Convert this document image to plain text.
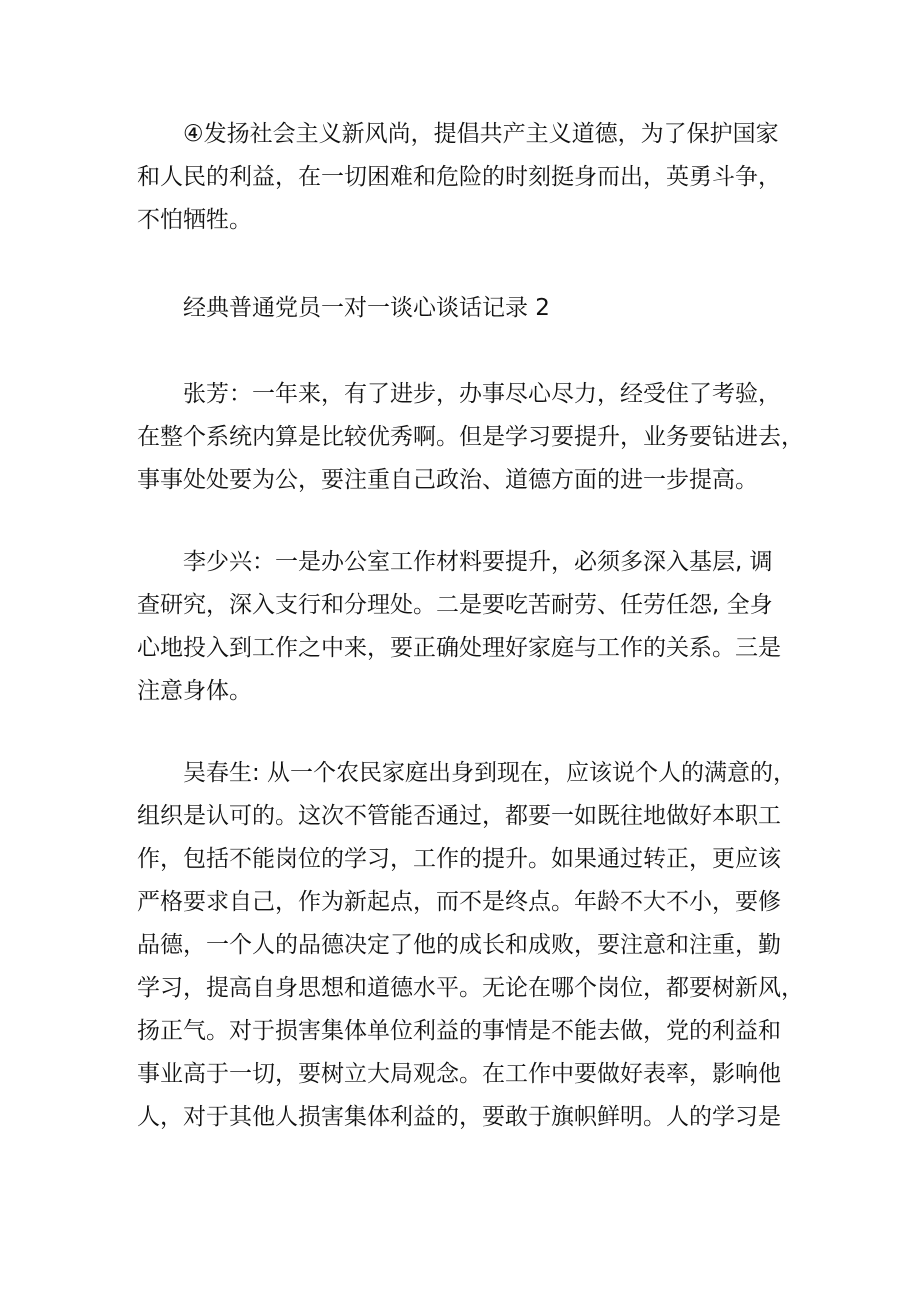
④发扬社会主义新风尚，提倡共产主义道德，为了保护国家
和人民的利益，在一切困难和危险的时刻挺身而出，英勇斗争，
不怕牺牲。
经典普通党员一对一谈心谈话记录 2
张芳：一年来，有了进步，办事尽心尽力，经受住了考验，
在整个系统内算是比较优秀啊。但是学习要提升，业务要钻进去，
事事处处要为公，要注重自己政治、道德方面的进一步提高。
李少兴：一是办公室工作材料要提升，必须多深入基层, 调
查研究，深入支行和分理处。二是要吃苦耐劳、任劳任怨, 全身
心地投入到工作之中来，要正确处理好家庭与工作的关系。三是
注意身体。
吴春生: 从一个农民家庭出身到现在，应该说个人的满意的，
组织是认可的。这次不管能否通过，都要一如既往地做好本职工
作，包括不能岗位的学习，工作的提升。如果通过转正，更应该
严格要求自己，作为新起点，而不是终点。年龄不大不小，要修
品德，一个人的品德决定了他的成长和成败，要注意和注重，勤
学习，提高自身思想和道德水平。无论在哪个岗位，都要树新风，
扬正气。对于损害集体单位利益的事情是不能去做，党的利益和
事业高于一切，要树立大局观念。在工作中要做好表率，影响他
人，对于其他人损害集体利益的，要敢于旗帜鲜明。人的学习是
